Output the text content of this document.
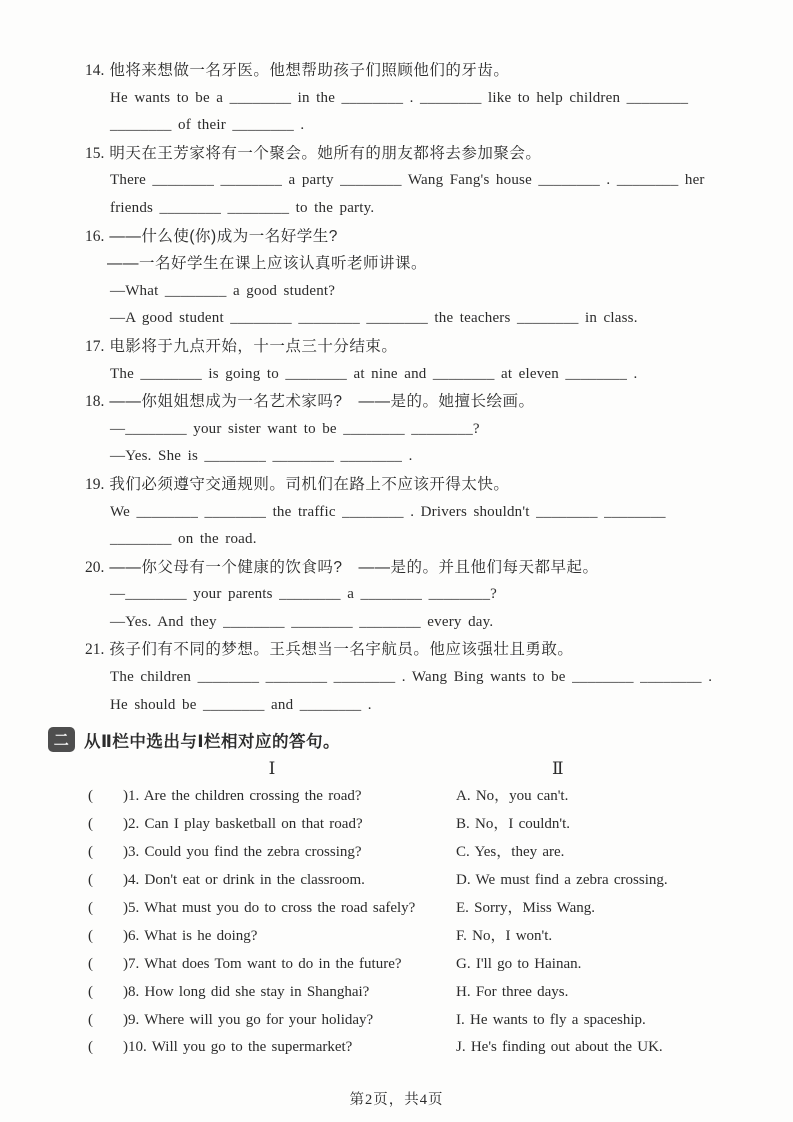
14. 他将来想做一名牙医。他想帮助孩子们照顾他们的牙齿。
He wants to be a ________ in the ________ . ________ like to help children ________
________ of their ________ .
15. 明天在王芳家将有一个聚会。她所有的朋友都将去参加聚会。
There ________ ________ a party ________ Wang Fang's house ________ . ________ her
friends ________ ________ to the party.
16. ——什么使(你)成为一名好学生?
——一名好学生在课上应该认真听老师讲课。
—What ________ a good student?
—A good student ________ ________ ________ the teachers ________ in class.
17. 电影将于九点开始，十一点三十分结束。
The ________ is going to ________ at nine and ________ at eleven ________ .
18. ——你姐姐想成为一名艺术家吗?　——是的。她擅长绘画。
—________ your sister want to be ________ ________?
—Yes. She is ________ ________ ________ .
19. 我们必须遵守交通规则。司机们在路上不应该开得太快。
We ________ ________ the traffic ________ . Drivers shouldn't ________ ________
________ on the road.
20. ——你父母有一个健康的饮食吗?　——是的。并且他们每天都早起。
—________ your parents ________ a ________ ________?
—Yes. And they ________ ________ ________ every day.
21. 孩子们有不同的梦想。王兵想当一名宇航员。他应该强壮且勇敢。
The children ________ ________ ________ . Wang Bing wants to be ________ ________ .
He should be ________ and ________ .
二 从Ⅱ栏中选出与Ⅰ栏相对应的答句。
Ⅰ	Ⅱ
(　　)1. Are the children crossing the road?	A. No，you can't.
(　　)2. Can I play basketball on that road?	B. No，I couldn't.
(　　)3. Could you find the zebra crossing?	C. Yes，they are.
(　　)4. Don't eat or drink in the classroom.	D. We must find a zebra crossing.
(　　)5. What must you do to cross the road safely?	E. Sorry，Miss Wang.
(　　)6. What is he doing?	F. No，I won't.
(　　)7. What does Tom want to do in the future?	G. I'll go to Hainan.
(　　)8. How long did she stay in Shanghai?	H. For three days.
(　　)9. Where will you go for your holiday?	I. He wants to fly a spaceship.
(　　)10. Will you go to the supermarket?	J. He's finding out about the UK.
第2页，共4页
